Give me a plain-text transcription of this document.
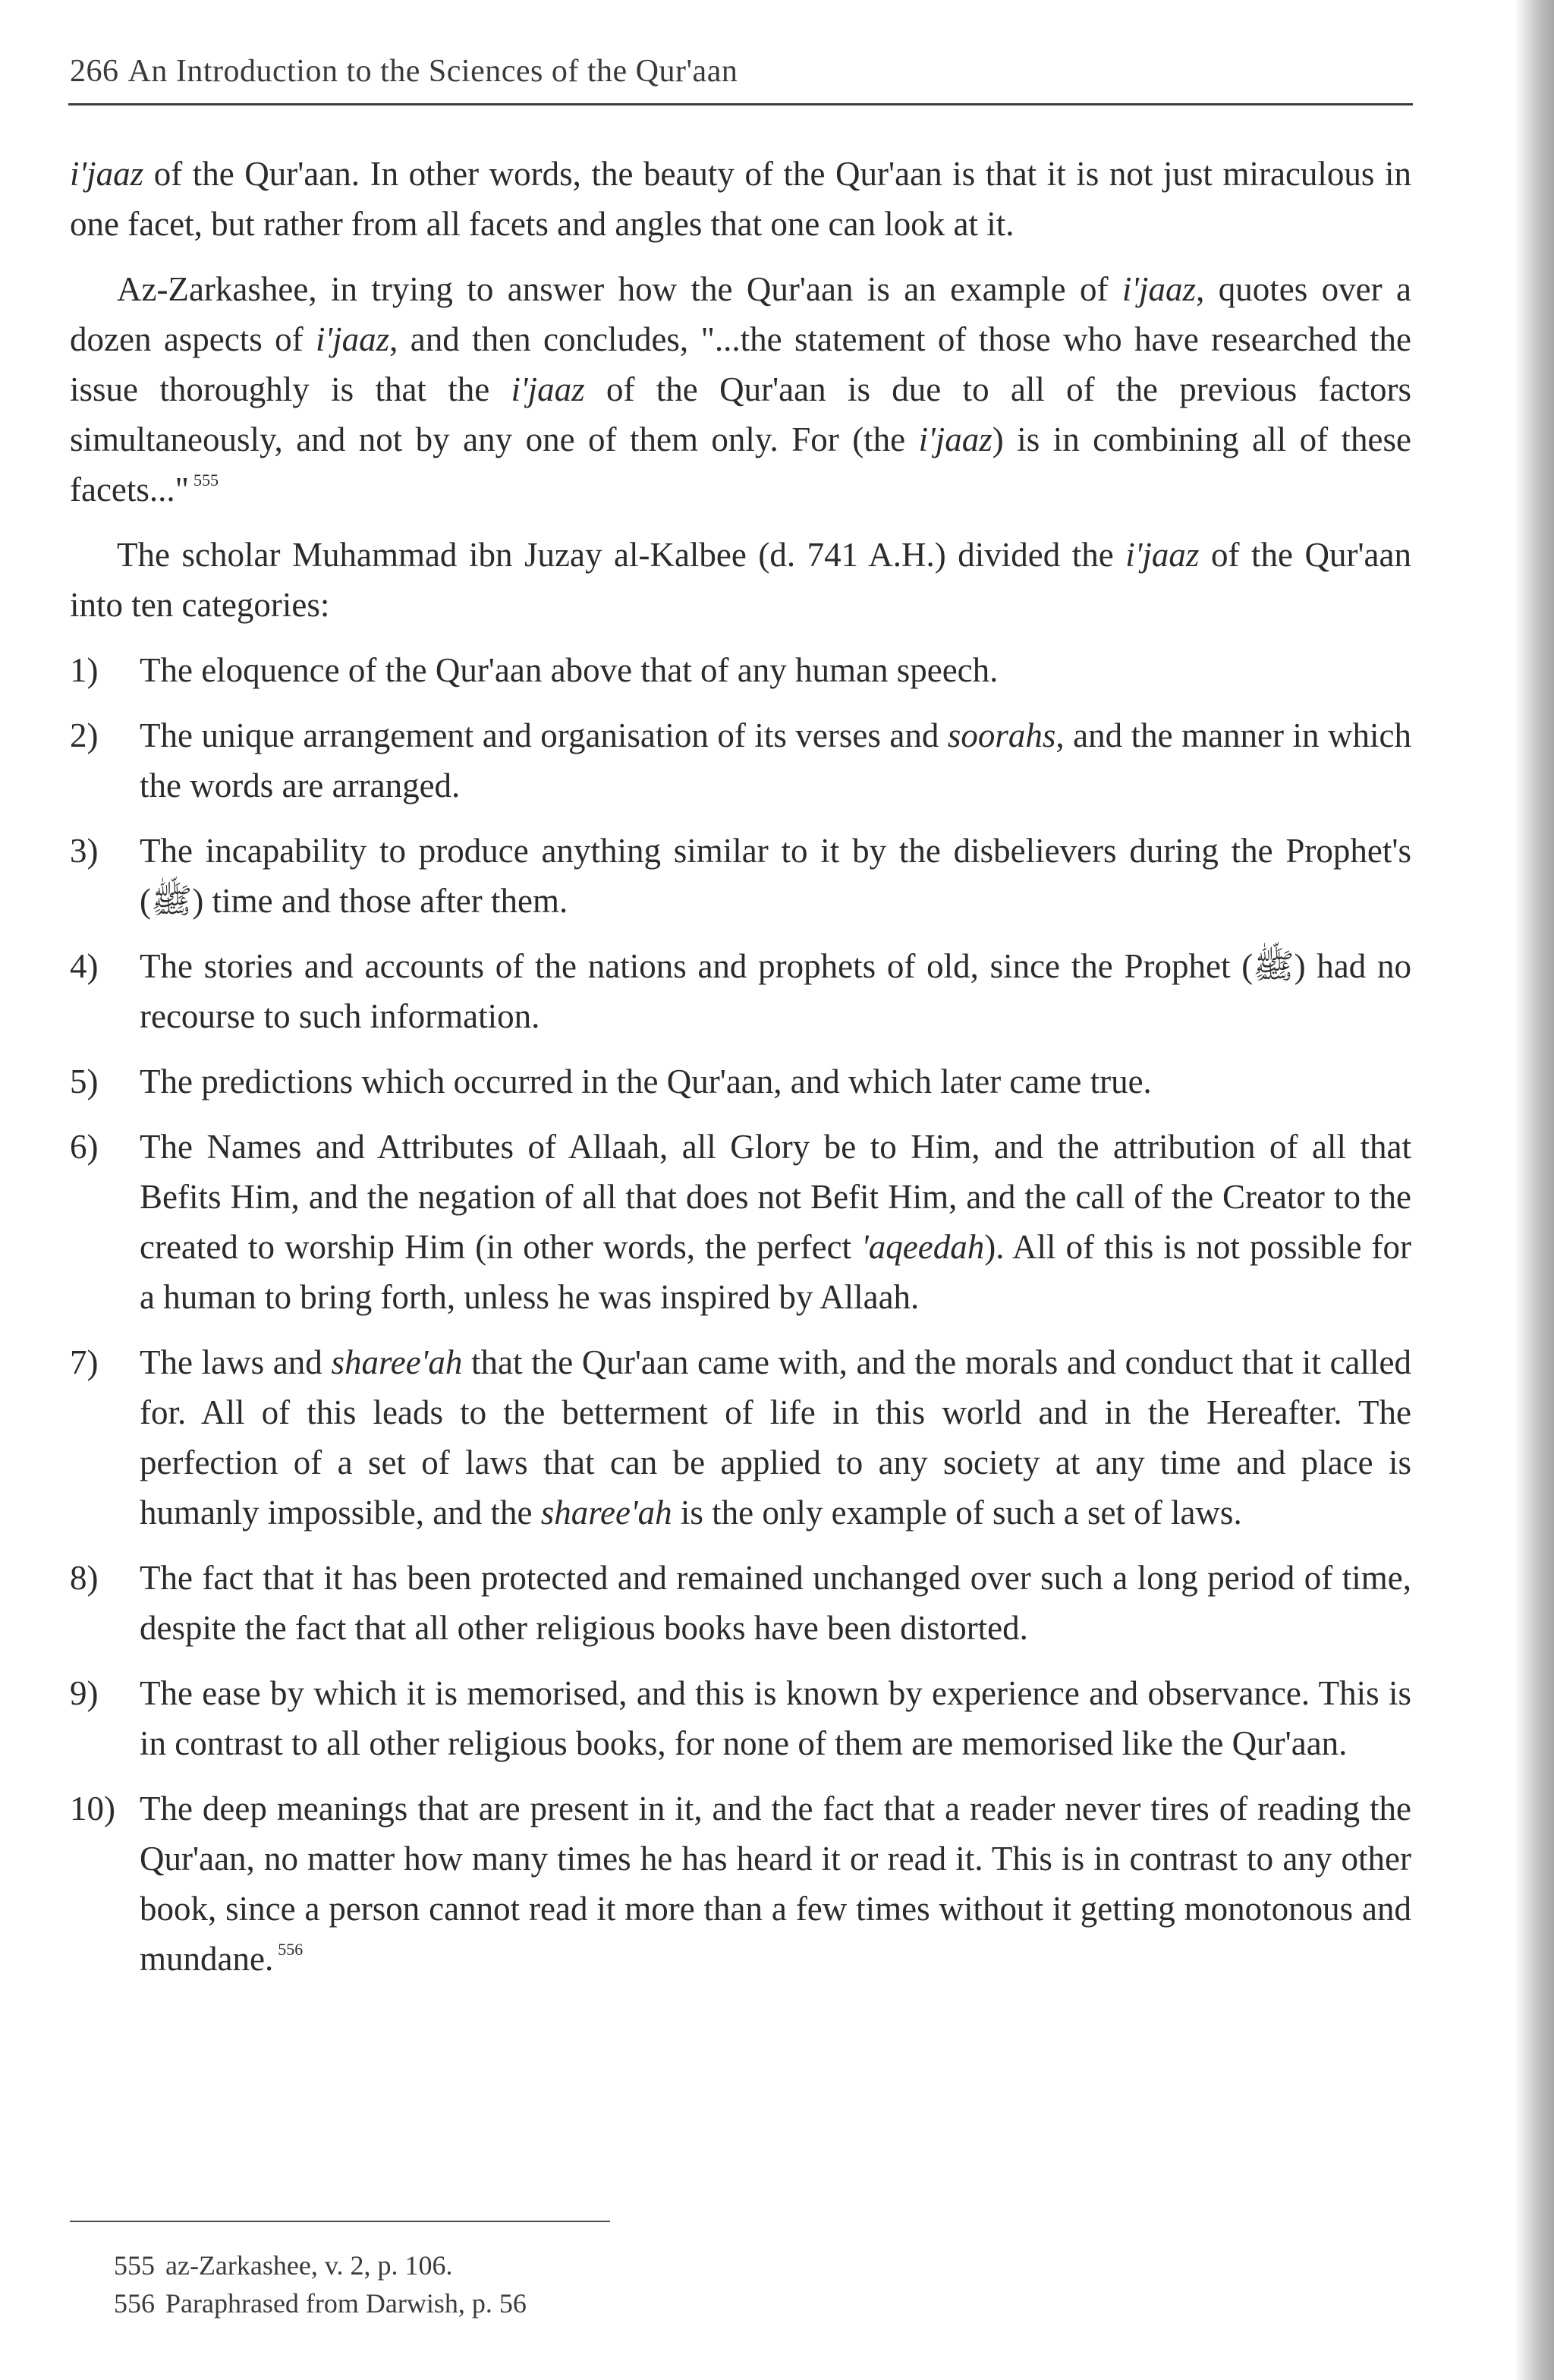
266 An Introduction to the Sciences of the Qur'aan

i'jaaz of the Qur'aan. In other words, the beauty of the Qur'aan is that it is not just miraculous in one facet, but rather from all facets and angles that one can look at it.

Az-Zarkashee, in trying to answer how the Qur'aan is an example of i'jaaz, quotes over a dozen aspects of i'jaaz, and then concludes, "...the statement of those who have researched the issue thoroughly is that the i'jaaz of the Qur'aan is due to all of the previous factors simultaneously, and not by any one of them only. For (the i'jaaz) is in combining all of these facets..." $^{555}$

The scholar Muhammad ibn Juzay al-Kalbee (d. 741 A.H.) divided the i'jaaz of the Qur'aan into ten categories:

1)	The eloquence of the Qur'aan above that of any human speech.
2)	The unique arrangement and organisation of its verses and soorahs, and the manner in which the words are arranged.
3)	The incapability to produce anything similar to it by the disbelievers during the Prophet's (ﷺ) time and those after them.
4)	The stories and accounts of the nations and prophets of old, since the Prophet (ﷺ) had no recourse to such information.
5)	The predictions which occurred in the Qur'aan, and which later came true.
6)	The Names and Attributes of Allaah, all Glory be to Him, and the attribution of all that Befits Him, and the negation of all that does not Befit Him, and the call of the Creator to the created to worship Him (in other words, the perfect 'aqeedah). All of this is not possible for a human to bring forth, unless he was inspired by Allaah.
7)	The laws and sharee'ah that the Qur'aan came with, and the morals and conduct that it called for. All of this leads to the betterment of life in this world and in the Hereafter. The perfection of a set of laws that can be applied to any society at any time and place is humanly impossible, and the sharee'ah is the only example of such a set of laws.
8)	The fact that it has been protected and remained unchanged over such a long period of time, despite the fact that all other religious books have been distorted.
9)	The ease by which it is memorised, and this is known by experience and observance. This is in contrast to all other religious books, for none of them are memorised like the Qur'aan.
10) The deep meanings that are present in it, and the fact that a reader never tires of reading the Qur'aan, no matter how many times he has heard it or read it. This is in contrast to any other book, since a person cannot read it more than a few times without it getting monotonous and mundane. $^{556}$
555 az-Zarkashee, v. 2, p. 106.
556 Paraphrased from Darwish, p. 56
